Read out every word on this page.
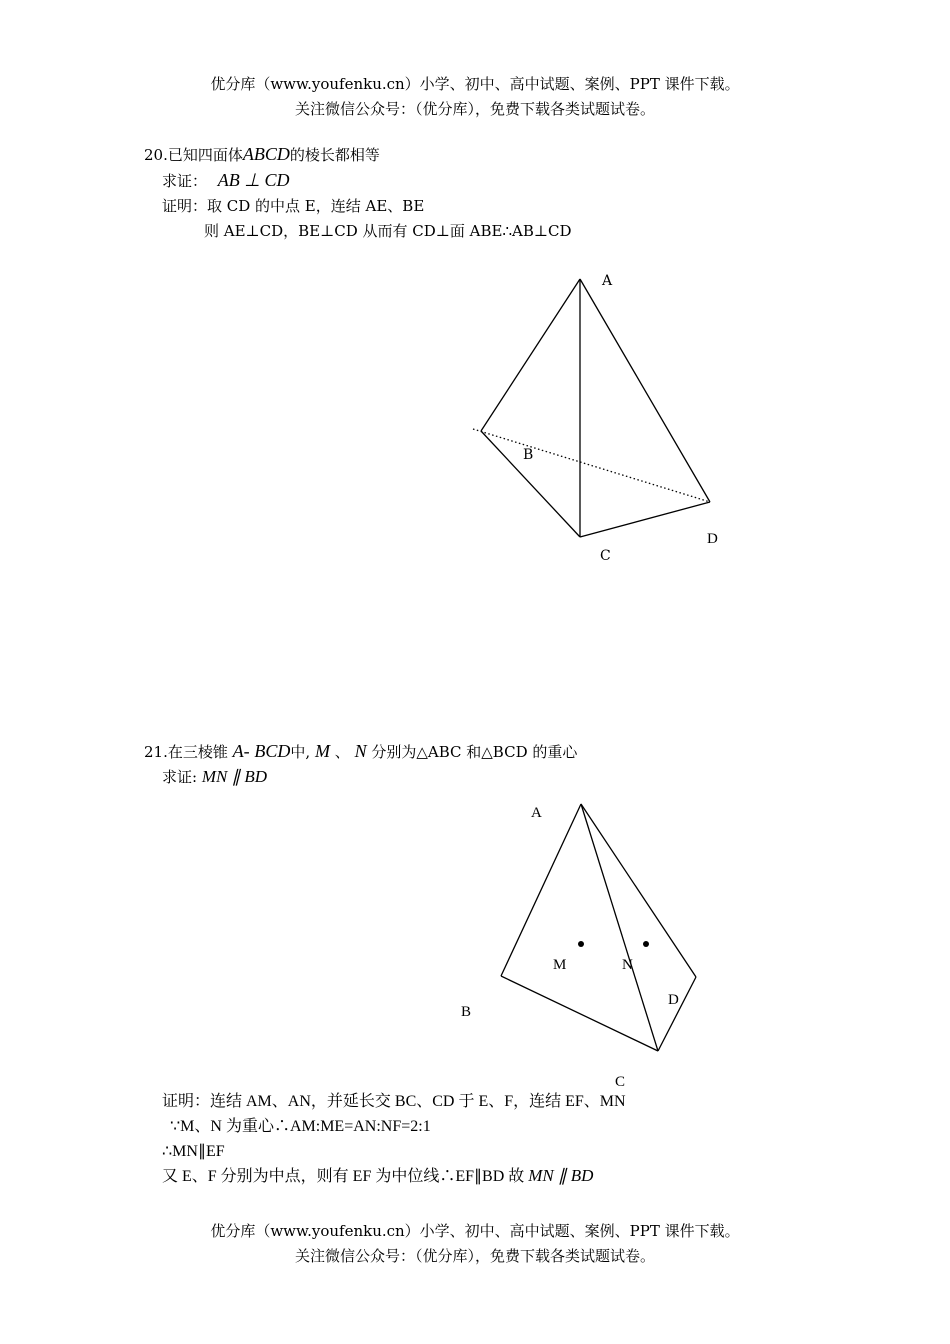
优分库（www.youfenku.cn）小学、初中、高中试题、案例、PPT 课件下载。
关注微信公众号：（优分库），免费下载各类试题试卷。
20.已知四面体ABCD的棱长都相等
求证： AB ⊥ CD
证明：取 CD 的中点 E，连结 AE、BE
则 AE⊥CD，BE⊥CD 从而有 CD⊥面 ABE∴AB⊥CD
A
B
C
D
21.在三棱锥 A- BCD中, M 、 N 分别为△ABC 和△BCD 的重心
求证: MN ∥ BD
A
M	N
B
D
C
证明：连结 AM、AN，并延长交 BC、CD 于 E、F，连结 EF、MN
∵M、N 为重心∴AM:ME=AN:NF=2:1
∴MN∥EF
又 E、F 分别为中点，则有 EF 为中位线∴EF∥BD 故 MN ∥ BD
优分库（www.youfenku.cn）小学、初中、高中试题、案例、PPT 课件下载。
关注微信公众号：（优分库），免费下载各类试题试卷。
